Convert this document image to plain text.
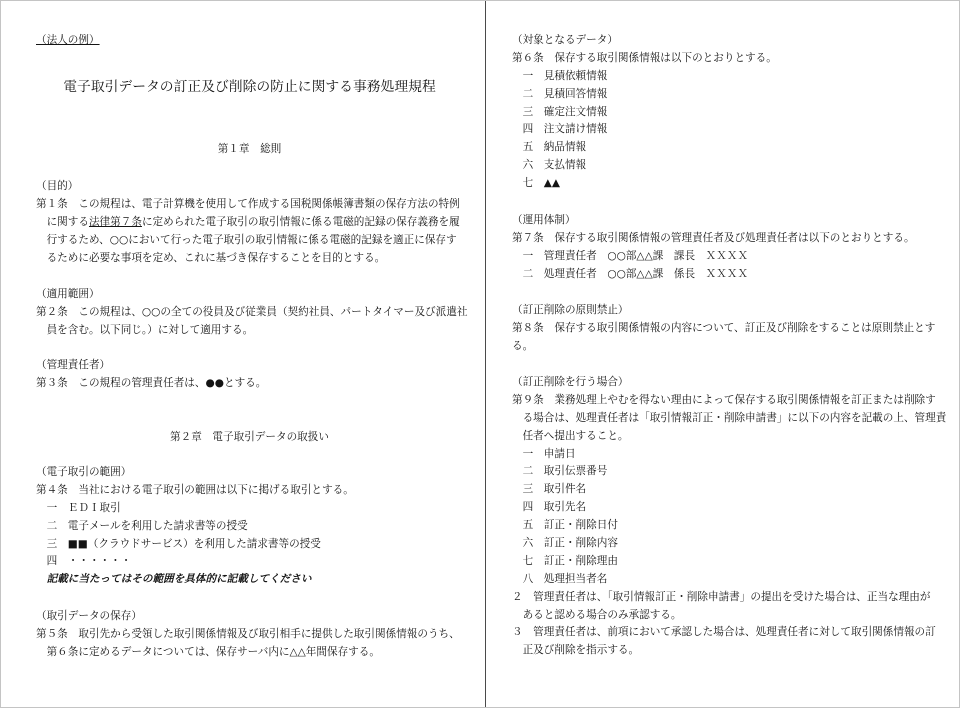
（法人の例）
電子取引データの訂正及び削除の防止に関する事務処理規程
第１章　総則
（目的）
第１条　この規程は、電子計算機を使用して作成する国税関係帳簿書類の保存方法の特例
に関する法律第７条に定められた電子取引の取引情報に係る電磁的記録の保存義務を履
行するため、○○において行った電子取引の取引情報に係る電磁的記録を適正に保存す
るために必要な事項を定め、これに基づき保存することを目的とする。
（適用範囲）
第２条　この規程は、○○の全ての役員及び従業員（契約社員、パートタイマー及び派遣社
員を含む。以下同じ。）に対して適用する。
（管理責任者）
第３条　この規程の管理責任者は、●●とする。
第２章　電子取引データの取扱い
（電子取引の範囲）
第４条　当社における電子取引の範囲は以下に掲げる取引とする。
一　ＥＤＩ取引
二　電子メールを利用した請求書等の授受
三　■■（クラウドサービス）を利用した請求書等の授受
四　・・・・・・
記載に当たってはその範囲を具体的に記載してください
（取引データの保存）
第５条　取引先から受領した取引関係情報及び取引相手に提供した取引関係情報のうち、
第６条に定めるデータについては、保存サーバ内に△△年間保存する。
（対象となるデータ）
第６条　保存する取引関係情報は以下のとおりとする。
一　見積依頼情報
二　見積回答情報
三　確定注文情報
四　注文請け情報
五　納品情報
六　支払情報
七　▲▲
（運用体制）
第７条　保存する取引関係情報の管理責任者及び処理責任者は以下のとおりとする。
一　管理責任者　○○部△△課　課長　ＸＸＸＸ
二　処理責任者　○○部△△課　係長　ＸＸＸＸ
（訂正削除の原則禁止）
第８条　保存する取引関係情報の内容について、訂正及び削除をすることは原則禁止とす
る。
（訂正削除を行う場合）
第９条　業務処理上やむを得ない理由によって保存する取引関係情報を訂正または削除す
る場合は、処理責任者は「取引情報訂正・削除申請書」に以下の内容を記載の上、管理責
任者へ提出すること。
一　申請日
二　取引伝票番号
三　取引件名
四　取引先名
五　訂正・削除日付
六　訂正・削除内容
七　訂正・削除理由
八　処理担当者名
２　管理責任者は、「取引情報訂正・削除申請書」の提出を受けた場合は、正当な理由が
あると認める場合のみ承認する。
３　管理責任者は、前項において承認した場合は、処理責任者に対して取引関係情報の訂
正及び削除を指示する。
